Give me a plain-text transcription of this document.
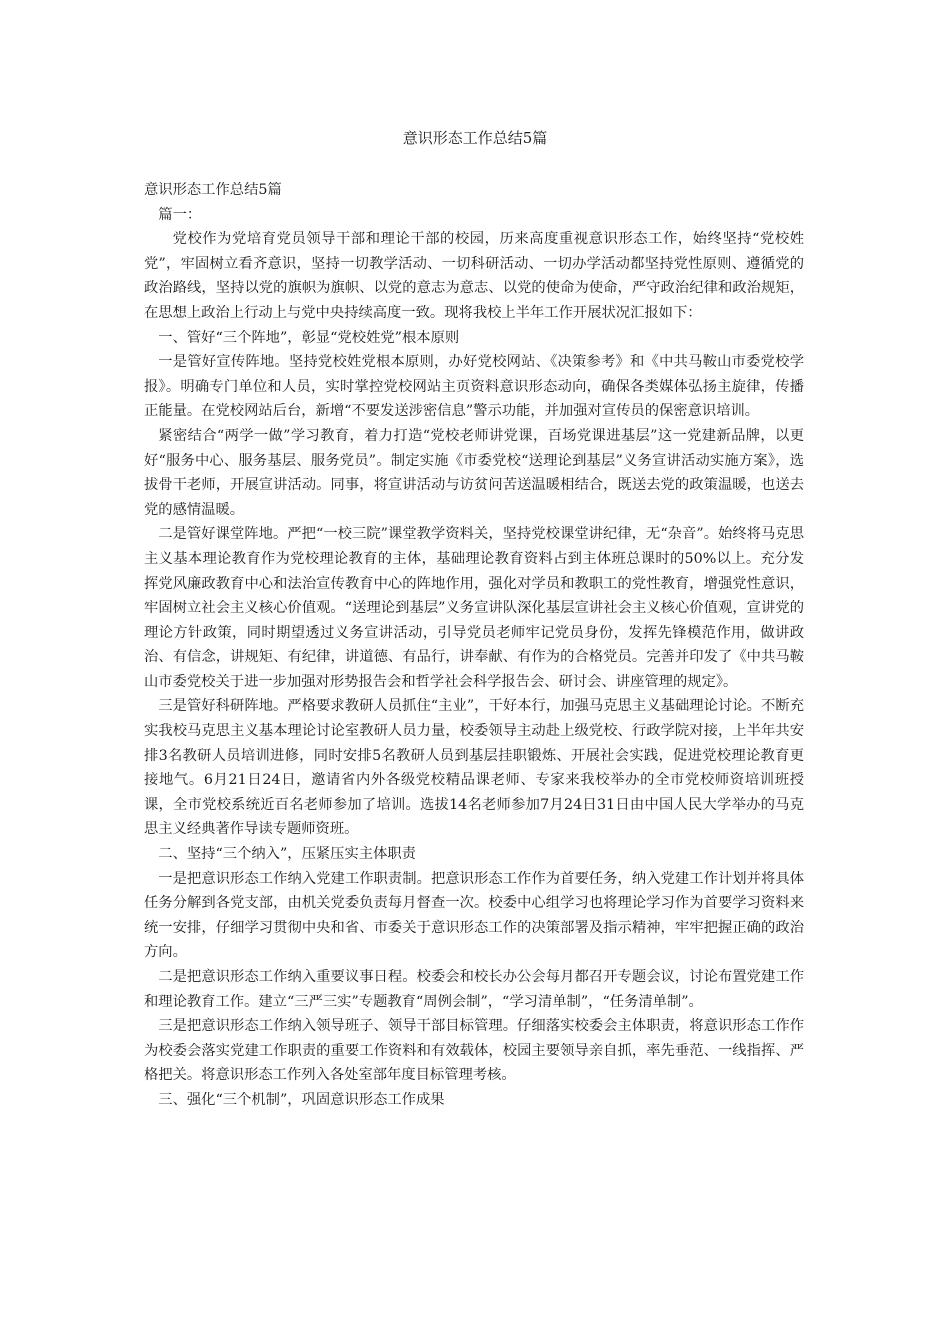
意识形态工作总结5篇

意识形态工作总结5篇

篇一：

党校作为党培育党员领导干部和理论干部的校园，历来高度重视意识形态工作，始终坚持“党校姓党”，牢固树立看齐意识，坚持一切教学活动、一切科研活动、一切办学活动都坚持党性原则、遵循党的政治路线，坚持以党的旗帜为旗帜、以党的意志为意志、以党的使命为使命，严守政治纪律和政治规矩，在思想上政治上行动上与党中央持续高度一致。现将我校上半年工作开展状况汇报如下：

一、管好“三个阵地”，彰显“党校姓党”根本原则

一是管好宣传阵地。坚持党校姓党根本原则，办好党校网站、《决策参考》和《中共马鞍山市委党校学报》。明确专门单位和人员，实时掌控党校网站主页资料意识形态动向，确保各类媒体弘扬主旋律，传播正能量。在党校网站后台，新增“不要发送涉密信息”警示功能，并加强对宣传员的保密意识培训。

紧密结合“两学一做”学习教育，着力打造“党校老师讲党课，百场党课进基层”这一党建新品牌，以更好“服务中心、服务基层、服务党员”。制定实施《市委党校“送理论到基层”义务宣讲活动实施方案》，选拔骨干老师，开展宣讲活动。同事，将宣讲活动与访贫问苦送温暖相结合，既送去党的政策温暖，也送去党的感情温暖。

二是管好课堂阵地。严把“一校三院”课堂教学资料关，坚持党校课堂讲纪律，无“杂音”。始终将马克思主义基本理论教育作为党校理论教育的主体，基础理论教育资料占到主体班总课时的50%以上。充分发挥党风廉政教育中心和法治宣传教育中心的阵地作用，强化对学员和教职工的党性教育，增强党性意识，牢固树立社会主义核心价值观。“送理论到基层”义务宣讲队深化基层宣讲社会主义核心价值观，宣讲党的理论方针政策，同时期望透过义务宣讲活动，引导党员老师牢记党员身份，发挥先锋模范作用，做讲政治、有信念，讲规矩、有纪律，讲道德、有品行，讲奉献、有作为的合格党员。完善并印发了《中共马鞍山市委党校关于进一步加强对形势报告会和哲学社会科学报告会、研讨会、讲座管理的规定》。

三是管好科研阵地。严格要求教研人员抓住“主业”，干好本行，加强马克思主义基础理论讨论。不断充实我校马克思主义基本理论讨论室教研人员力量，校委领导主动赴上级党校、行政学院对接，上半年共安排3名教研人员培训进修，同时安排5名教研人员到基层挂职锻炼、开展社会实践，促进党校理论教育更接地气。6月21日24日，邀请省内外各级党校精品课老师、专家来我校举办的全市党校师资培训班授课，全市党校系统近百名老师参加了培训。选拔14名老师参加7月24日31日由中国人民大学举办的马克思主义经典著作导读专题师资班。

二、坚持“三个纳入”，压紧压实主体职责

一是把意识形态工作纳入党建工作职责制。把意识形态工作作为首要任务，纳入党建工作计划并将具体任务分解到各党支部，由机关党委负责每月督查一次。校委中心组学习也将理论学习作为首要学习资料来统一安排，仔细学习贯彻中央和省、市委关于意识形态工作的决策部署及指示精神，牢牢把握正确的政治方向。

二是把意识形态工作纳入重要议事日程。校委会和校长办公会每月都召开专题会议，讨论布置党建工作和理论教育工作。建立“三严三实”专题教育“周例会制”，“学习清单制”，“任务清单制”。

三是把意识形态工作纳入领导班子、领导干部目标管理。仔细落实校委会主体职责，将意识形态工作作为校委会落实党建工作职责的重要工作资料和有效载体，校园主要领导亲自抓，率先垂范、一线指挥、严格把关。将意识形态工作列入各处室部年度目标管理考核。

三、强化“三个机制”，巩固意识形态工作成果
